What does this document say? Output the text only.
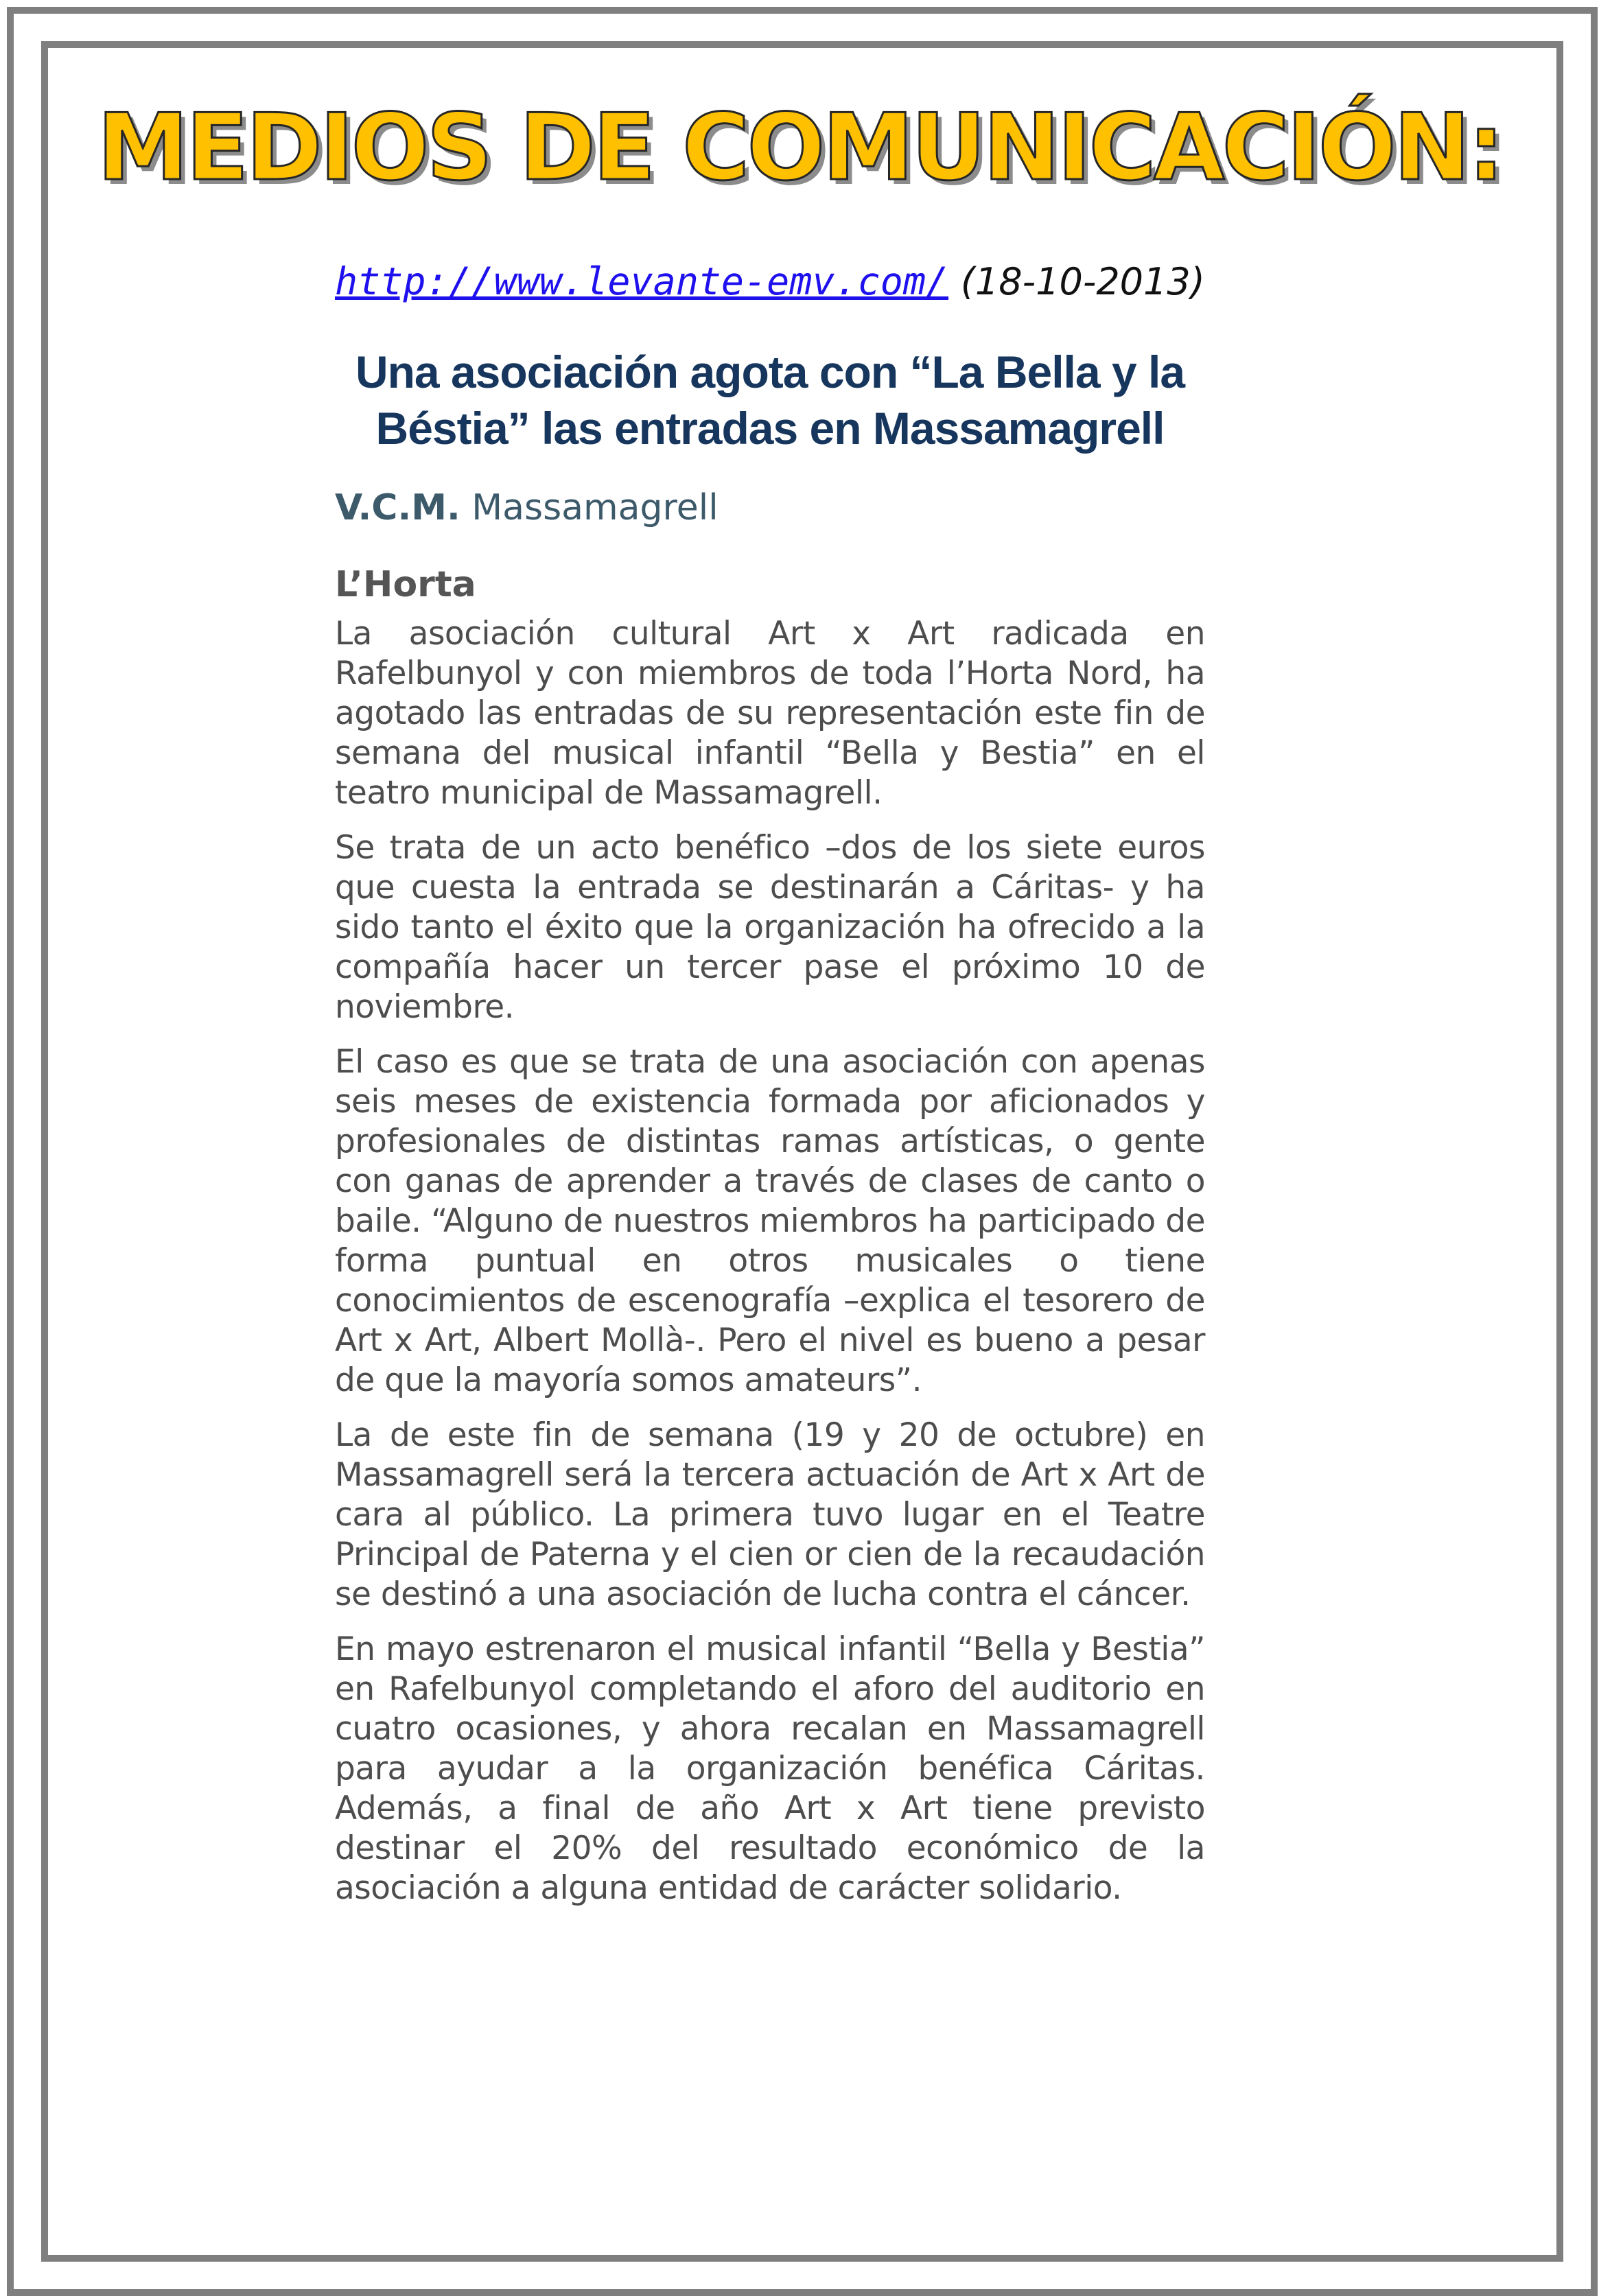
MEDIOS DE COMUNICACIÓN:
http://www.levante-emv.com/ (18-10-2013)
Una asociación agota con “La Bella y la Béstia” las entradas en Massamagrell
V.C.M. Massamagrell
L’Horta

La asociación cultural Art x Art radicada en Rafelbunyol y con miembros de toda l’Horta Nord, ha agotado las entradas de su representación este fin de semana del musical infantil “Bella y Bestia” en el teatro municipal de Massamagrell.

Se trata de un acto benéfico –dos de los siete euros que cuesta la entrada se destinarán a Cáritas- y ha sido tanto el éxito que la organización ha ofrecido a la compañía hacer un tercer pase el próximo 10 de noviembre.

El caso es que se trata de una asociación con apenas seis meses de existencia formada por aficionados y profesionales de distintas ramas artísticas, o gente con ganas de aprender a través de clases de canto o baile. “Alguno de nuestros miembros ha participado de forma puntual en otros musicales o tiene conocimientos de escenografía –explica el tesorero de Art x Art, Albert Mollà-. Pero el nivel es bueno a pesar de que la mayoría somos amateurs”.

La de este fin de semana (19 y 20 de octubre) en Massamagrell será la tercera actuación de Art x Art de cara al público. La primera tuvo lugar en el Teatre Principal de Paterna y el cien or cien de la recaudación se destinó a una asociación de lucha contra el cáncer.

En mayo estrenaron el musical infantil “Bella y Bestia” en Rafelbunyol completando el aforo del auditorio en cuatro ocasiones, y ahora recalan en Massamagrell para ayudar a la organización benéfica Cáritas. Además, a final de año Art x Art tiene previsto destinar el 20% del resultado económico de la asociación a alguna entidad de carácter solidario.
